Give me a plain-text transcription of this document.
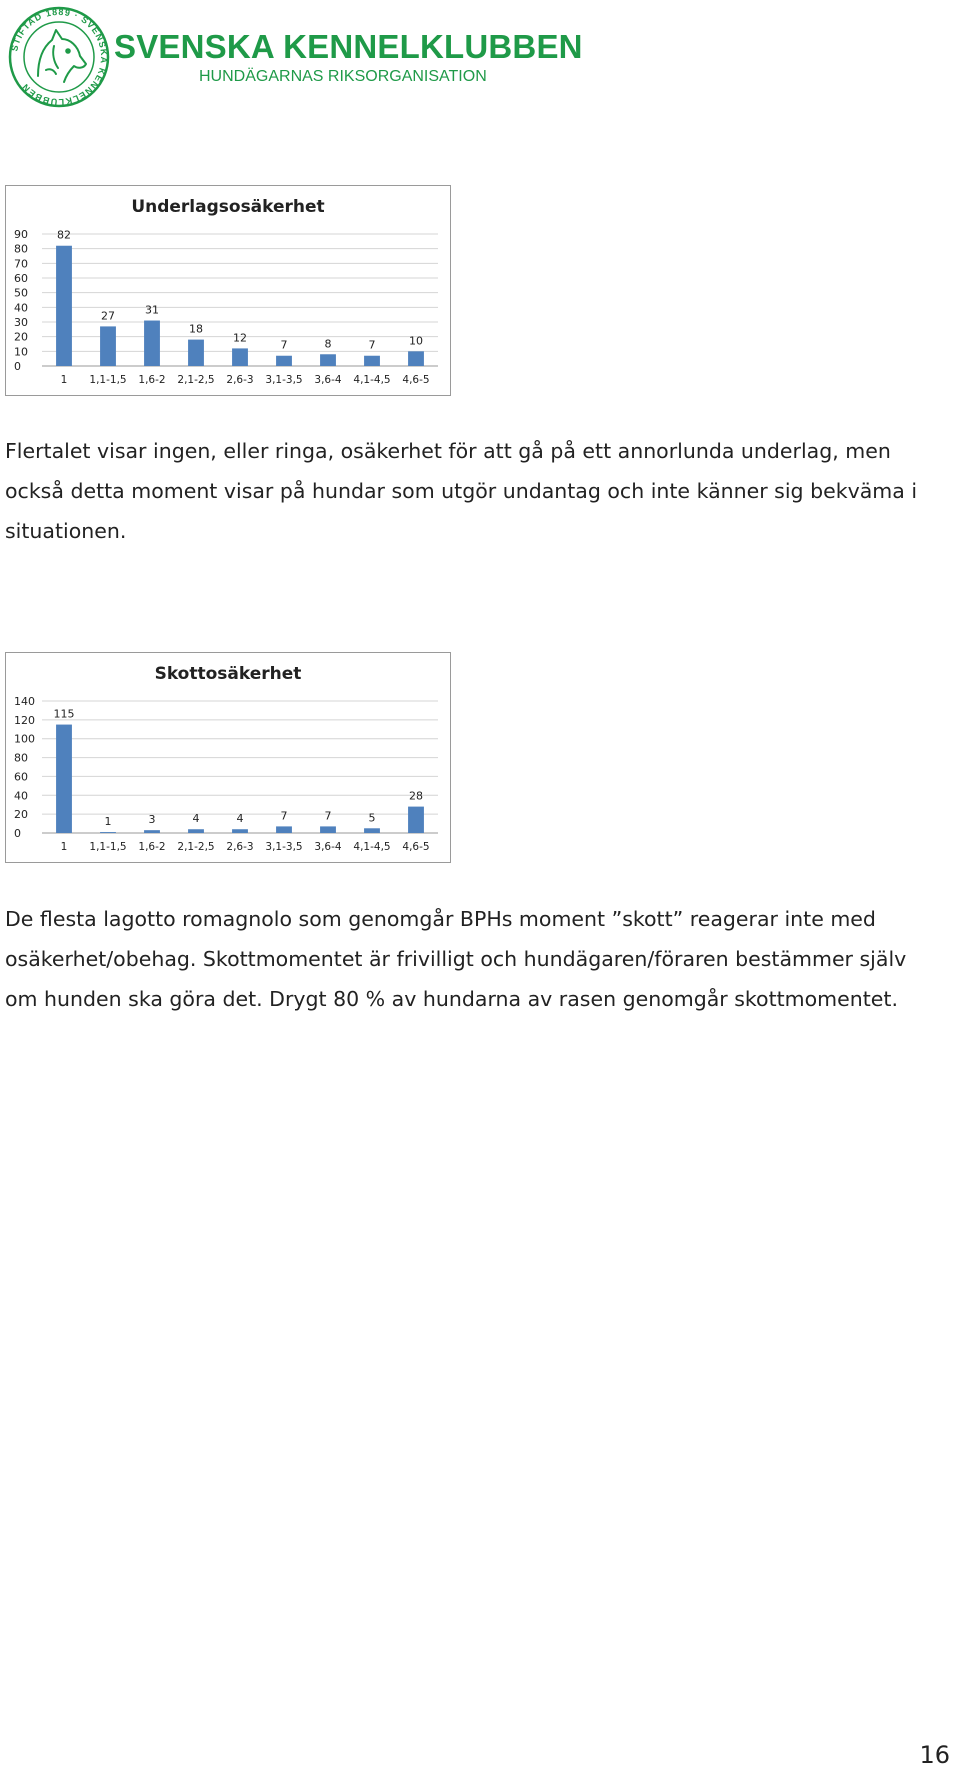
STIFTAD 1889 · SVENSKA KENNELKLUBBEN
SVENSKA KENNELKLUBBEN
HUNDÄGARNAS RIKSORGANISATION
Underlagsosäkerhet
0
10
20
30
40
50
60
70
80
90	82
1
27
1,1-1,5
31
1,6-2
18
2,1-2,5
12
2,6-3
7
3,1-3,5
8
3,6-4
7
4,1-4,5
10
4,6-5

Flertalet visar ingen, eller ringa, osäkerhet för att gå på ett annorlunda underlag, men
också detta moment visar på hundar som utgör undantag och inte känner sig bekväma i
situationen.

Skottosäkerhet
0
20
40
60
80
100
120
140
115
1
1
1,1-1,5
3
1,6-2
4
2,1-2,5
4
2,6-3
7
3,1-3,5
7
3,6-4
5
4,1-4,5
28
4,6-5

De flesta lagotto romagnolo som genomgår BPHs moment ”skott” reagerar inte med
osäkerhet/obehag. Skottmomentet är frivilligt och hundägaren/föraren bestämmer själv
om hunden ska göra det. Drygt 80 % av hundarna av rasen genomgår skottmomentet.

16
